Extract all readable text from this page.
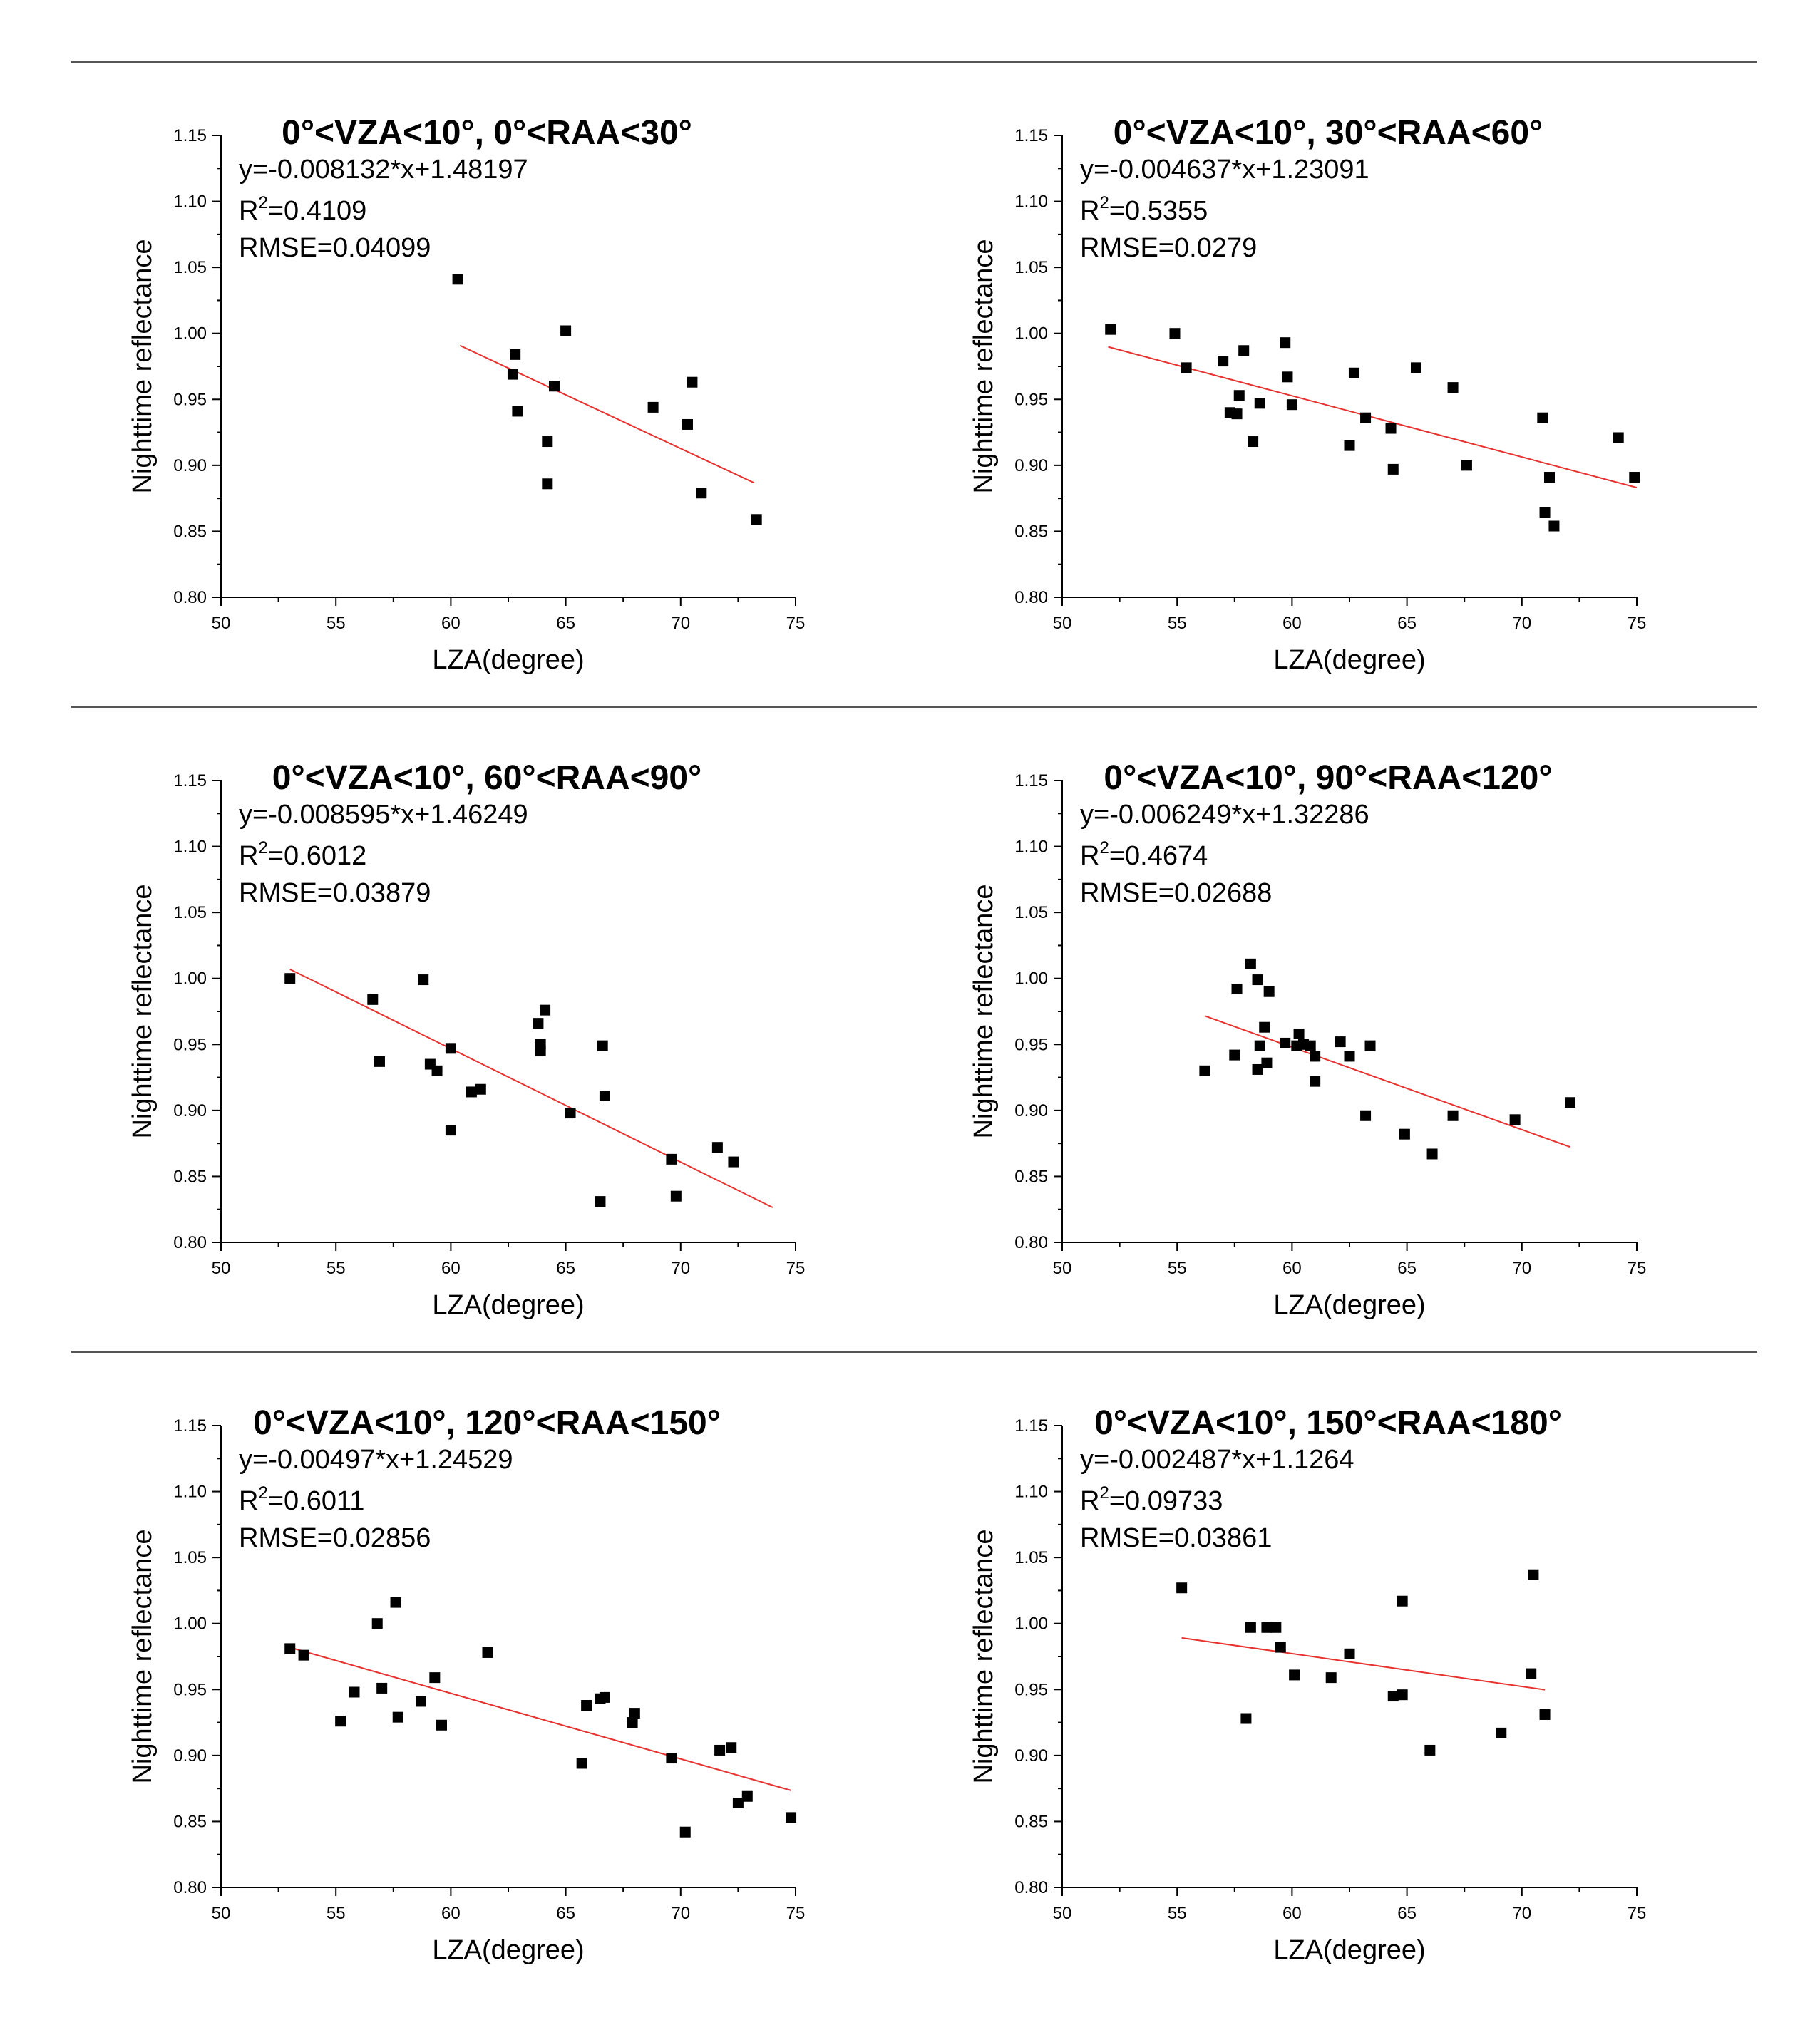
50	55	60	65	70	75
0.80
0.85
0.90
0.95
1.00
1.05
1.10
1.15
LZA(degree)
Nighttime reflectance
0°<VZA<10°, 0°<RAA<30°
y=-0.008132*x+1.48197
$R^2=0.4109$
RMSE=0.04099
50	55	60	65	70	75
0.80
0.85
0.90
0.95
1.00
1.05
1.10
1.15
LZA(degree)
Nighttime reflectance
0°<VZA<10°, 30°<RAA<60°
y=-0.004637*x+1.23091
$R^2=0.5355$
RMSE=0.0279
50	55	60	65	70	75
0.80
0.85
0.90
0.95
1.00
1.05
1.10
1.15
LZA(degree)
Nighttime reflectance
0°<VZA<10°, 60°<RAA<90°
y=-0.008595*x+1.46249
$R^2=0.6012$
RMSE=0.03879
50	55	60	65	70	75
0.80
0.85
0.90
0.95
1.00
1.05
1.10
1.15
LZA(degree)
Nighttime reflectance
0°<VZA<10°, 90°<RAA<120°
y=-0.006249*x+1.32286
$R^2=0.4674$
RMSE=0.02688
50	55	60	65	70	75
0.80
0.85
0.90
0.95
1.00
1.05
1.10
1.15
LZA(degree)
Nighttime reflectance
0°<VZA<10°, 120°<RAA<150°
y=-0.00497*x+1.24529
$R^2=0.6011$
RMSE=0.02856
50	55	60	65	70	75
0.80
0.85
0.90
0.95
1.00
1.05
1.10
1.15
LZA(degree)
Nighttime reflectance
0°<VZA<10°, 150°<RAA<180°
y=-0.002487*x+1.1264
$R^2=0.09733$
RMSE=0.03861
